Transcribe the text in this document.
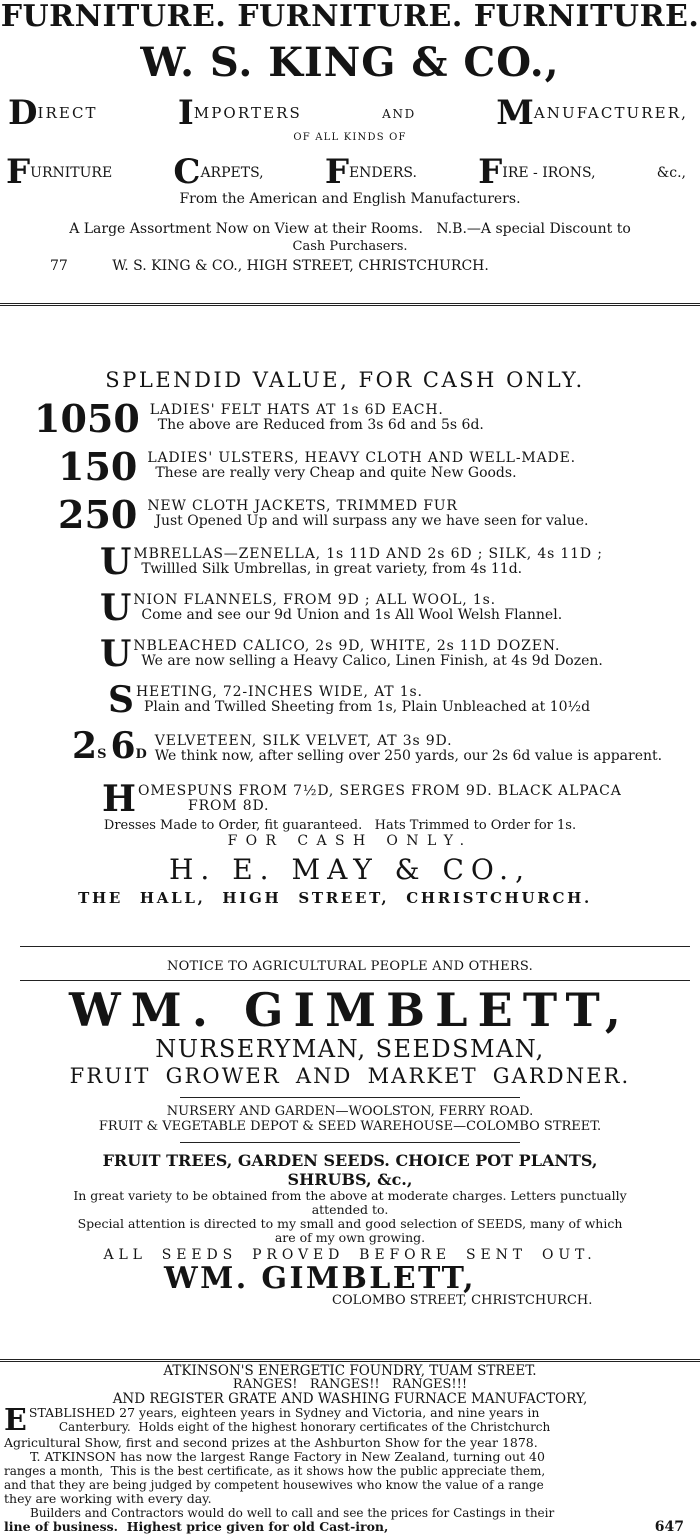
FURNITURE. FURNITURE. FURNITURE.
W. S. KING & CO.,
DIRECT IMPORTERS	AND MANUFACTURER,
OF ALL KINDS OF
FURNITURE CARPETS, FENDERS. FIRE - IRONS,	&c.,
From the American and English Manufacturers.
A Large Assortment Now on View at their Rooms.   N.B.—A special Discount to
Cash Purchasers.
77	W. S. KING & CO., HIGH STREET, CHRISTCHURCH.
SPLENDID VALUE, FOR CASH ONLY.
1050 LADIES' FELT HATS AT 1s 6D EACH.
The above are Reduced from 3s 6d and 5s 6d.
150 LADIES' ULSTERS, HEAVY CLOTH AND WELL-MADE.
These are really very Cheap and quite New Goods.
250 NEW CLOTH JACKETS, TRIMMED FUR
Just Opened Up and will surpass any we have seen for value.
U MBRELLAS—ZENELLA, 1s 11D AND 2s 6D ; SILK, 4s 11D ;
Twillled Silk Umbrellas, in great variety, from 4s 11d.
U NION FLANNELS, FROM 9D ; ALL WOOL, 1s.
Come and see our 9d Union and 1s All Wool Welsh Flannel.
U NBLEACHED CALICO, 2s 9D, WHITE, 2s 11D DOZEN.
We are now selling a Heavy Calico, Linen Finish, at 4s 9d Dozen.
S HEETING, 72-INCHES WIDE, AT 1s.
Plain and Twilled Sheeting from 1s, Plain Unbleached at 10½d
2S 6D
VELVETEEN, SILK VELVET, AT 3s 9D.
We think now, after selling over 250 yards, our 2s 6d value is apparent.
H OMESPUNS FROM 7½D, SERGES FROM 9D. BLACK ALPACA
FROM 8D.
Dresses Made to Order, fit guaranteed.   Hats Trimmed to Order for 1s.
FOR CASH ONLY.
H. E. MAY & CO.,
THE HALL, HIGH STREET, CHRISTCHURCH.
NOTICE TO AGRICULTURAL PEOPLE AND OTHERS.
WM. GIMBLETT,
NURSERYMAN, SEEDSMAN,
FRUIT GROWER AND MARKET GARDNER.
NURSERY AND GARDEN—WOOLSTON, FERRY ROAD.
FRUIT & VEGETABLE DEPOT & SEED WAREHOUSE—COLOMBO STREET.
FRUIT TREES, GARDEN SEEDS. CHOICE POT PLANTS,
SHRUBS, &c.,
In great variety to be obtained from the above at moderate charges. Letters punctually
attended to.
Special attention is directed to my small and good selection of SEEDS, many of which
are of my own growing.
ALL SEEDS PROVED BEFORE SENT OUT.
WM. GIMBLETT,
COLOMBO STREET, CHRISTCHURCH.
ATKINSON'S ENERGETIC FOUNDRY, TUAM STREET.
RANGES!   RANGES!!   RANGES!!!
AND REGISTER GRATE AND WASHING FURNACE MANUFACTORY,
E STABLISHED 27 years, eighteen years in Sydney and Victoria, and nine years in
Canterbury.  Holds eight of the highest honorary certificates of the Christchurch
Agricultural Show, first and second prizes at the Ashburton Show for the year 1878.
T. ATKINSON has now the largest Range Factory in New Zealand, turning out 40
ranges a month,  This is the best certificate, as it shows how the public appreciate them,
and that they are being judged by competent housewives who know the value of a range
they are working with every day.
Builders and Contractors would do well to call and see the prices for Castings in their
line of business.  Highest price given for old Cast-iron,	647
